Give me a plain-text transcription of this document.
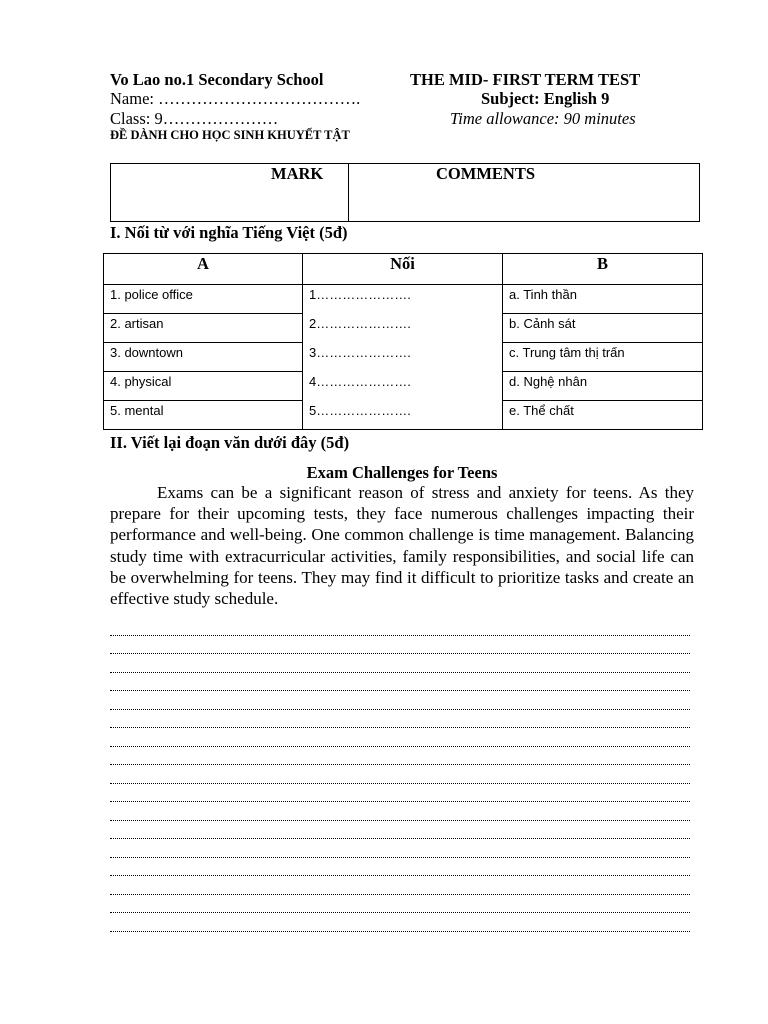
Vo Lao no.1 Secondary School	THE MID- FIRST TERM TEST
Name: ……………………………….	Subject: English 9
Class: 9…………………	Time allowance: 90 minutes
ĐỀ DÀNH CHO HỌC SINH KHUYẾT TẬT
MARK	COMMENTS
I. Nối từ với nghĩa Tiếng Việt (5đ)
A	Nối	B
1. police office	1………………….	a. Tinh thần
2. artisan	2………………….	b. Cảnh sát
3. downtown	3………………….	c. Trung tâm thị trấn
4. physical	4………………….	d. Nghệ nhân
5. mental	5………………….	e. Thể chất
II. Viết lại đoạn văn dưới đây (5đ)
Exam Challenges for Teens

Exams can be a significant reason of stress and anxiety for teens. As they prepare for their upcoming tests, they face numerous challenges impacting their performance and well-being. One common challenge is time management. Balancing study time with extracurricular activities, family responsibilities, and social life can be overwhelming for teens. They may find it difficult to prioritize tasks and create an effective study schedule.
